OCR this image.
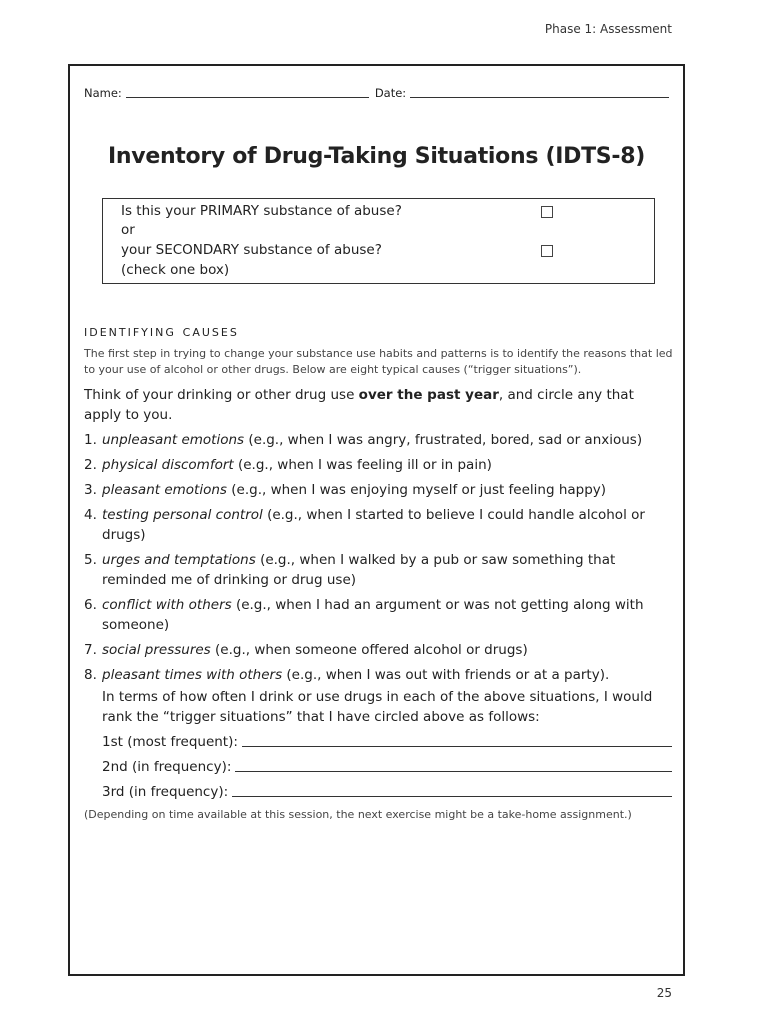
Phase 1: Assessment
Name:	Date:
Inventory of Drug-Taking Situations (IDTS-8)
Is this your PRIMARY substance of abuse?
or
your SECONDARY substance of abuse?
(check one box)
identifying causes
The first step in trying to change your substance use habits and patterns is to identify the reasons that led to your use of alcohol or other drugs. Below are eight typical causes (“trigger situations”).
Think of your drinking or other drug use over the past year, and circle any that apply to you.
1. unpleasant emotions (e.g., when I was angry, frustrated, bored, sad or anxious)
2. physical discomfort (e.g., when I was feeling ill or in pain)
3. pleasant emotions (e.g., when I was enjoying myself or just feeling happy)
4. testing personal control (e.g., when I started to believe I could handle alcohol or drugs)
5. urges and temptations (e.g., when I walked by a pub or saw something that reminded me of drinking or drug use)
6. conflict with others (e.g., when I had an argument or was not getting along with someone)
7. social pressures (e.g., when someone offered alcohol or drugs)
8. pleasant times with others (e.g., when I was out with friends or at a party).
In terms of how often I drink or use drugs in each of the above situations, I would rank the “trigger situations” that I have circled above as follows:
1st (most frequent):
2nd (in frequency):
3rd (in frequency):
(Depending on time available at this session, the next exercise might be a take-home assignment.)
25
